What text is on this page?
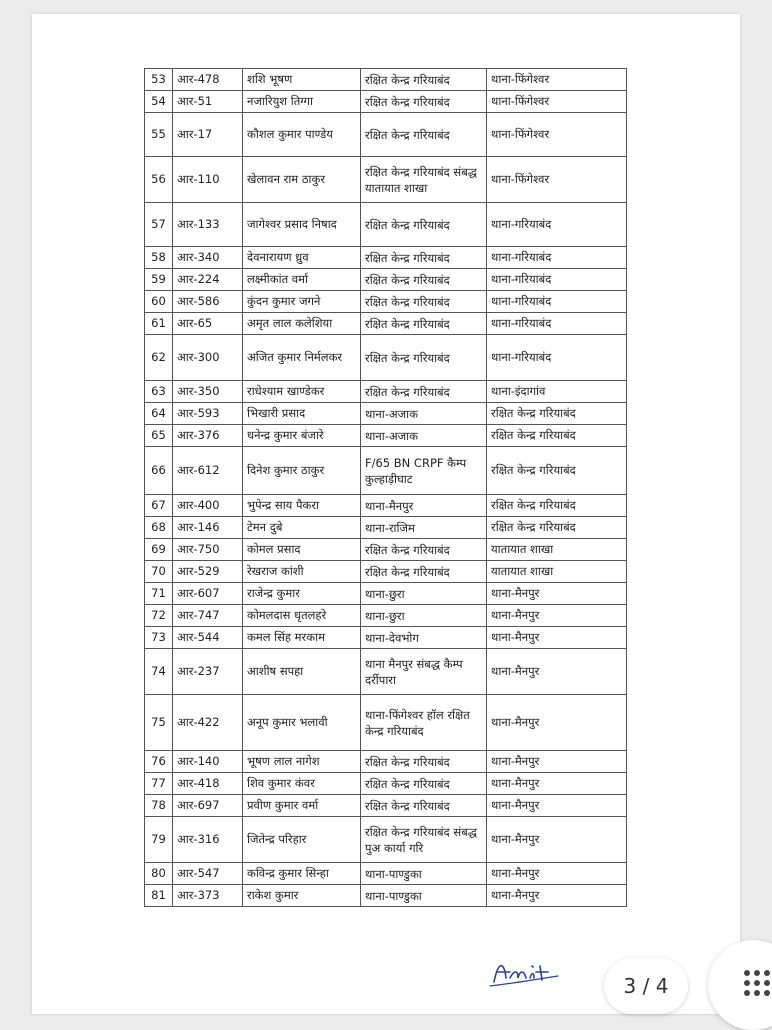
53	आर-478	शशि भूषण	रक्षित केन्द्र गरियाबंद	थाना-फिंगेश्वर
54	आर-51	नजारियुश तिग्गा	रक्षित केन्द्र गरियाबंद	थाना-फिंगेश्वर
55	आर-17	कौशल कुमार पाण्डेय	रक्षित केन्द्र गरियाबंद	थाना-फिंगेश्वर
56	आर-110	खेलावन राम ठाकुर	रक्षित केन्द्र गरियाबंद संबद्ध यातायात शाखा	थाना-फिंगेश्वर
57	आर-133	जागेश्वर प्रसाद निषाद	रक्षित केन्द्र गरियाबंद	थाना-गरियाबंद
58	आर-340	देवनारायण ध्रुव	रक्षित केन्द्र गरियाबंद	थाना-गरियाबंद
59	आर-224	लक्ष्मीकांत वर्मा	रक्षित केन्द्र गरियाबंद	थाना-गरियाबंद
60	आर-586	कुंदन कुमार जगने	रक्षित केन्द्र गरियाबंद	थाना-गरियाबंद
61	आर-65	अमृत लाल कलेशिया	रक्षित केन्द्र गरियाबंद	थाना-गरियाबंद
62	आर-300	अजित कुमार निर्मलकर	रक्षित केन्द्र गरियाबंद	थाना-गरियाबंद
63	आर-350	राधेश्याम खाण्डेकर	रक्षित केन्द्र गरियाबंद	थाना-इंदागांव
64	आर-593	भिखारी प्रसाद	थाना-अजाक	रक्षित केन्द्र गरियाबंद
65	आर-376	धनेन्द्र कुमार बंजारे	थाना-अजाक	रक्षित केन्द्र गरियाबंद
66	आर-612	दिनेश कुमार ठाकुर	F/65 BN CRPF कैम्प कुल्हाड़ीघाट	रक्षित केन्द्र गरियाबंद
67	आर-400	भुपेन्द्र साय पैकरा	थाना-मैनपुर	रक्षित केन्द्र गरियाबंद
68	आर-146	टेमन दुबे	थाना-राजिम	रक्षित केन्द्र गरियाबंद
69	आर-750	कोमल प्रसाद	रक्षित केन्द्र गरियाबंद	यातायात शाखा
70	आर-529	रेखराज कांशी	रक्षित केन्द्र गरियाबंद	यातायात शाखा
71	आर-607	राजेन्द्र कुमार	थाना-छुरा	थाना-मैनपुर
72	आर-747	कोमलदास धृतलहरे	थाना-छुरा	थाना-मैनपुर
73	आर-544	कमल सिंह मरकाम	थाना-देवभोग	थाना-मैनपुर
74	आर-237	आशीष सपहा	थाना मैनपुर संबद्ध कैम्प दर्रीपारा	थाना-मैनपुर
75	आर-422	अनूप कुमार भलावी	थाना-फिंगेश्वर हॉल रक्षित केन्द्र गरियाबंद	थाना-मैनपुर
76	आर-140	भूषण लाल नागेश	रक्षित केन्द्र गरियाबंद	थाना-मैनपुर
77	आर-418	शिव कुमार कंवर	रक्षित केन्द्र गरियाबंद	थाना-मैनपुर
78	आर-697	प्रवीण कुमार वर्मा	रक्षित केन्द्र गरियाबंद	थाना-मैनपुर
79	आर-316	जितेन्द्र परिहार	रक्षित केन्द्र गरियाबंद संबद्ध पुअ कार्या गरि	थाना-मैनपुर
80	आर-547	कविन्द्र कुमार सिन्हा	थाना-पाण्डुका	थाना-मैनपुर
81	आर-373	राकेश कुमार	थाना-पाण्डुका	थाना-मैनपुर
3 / 4
